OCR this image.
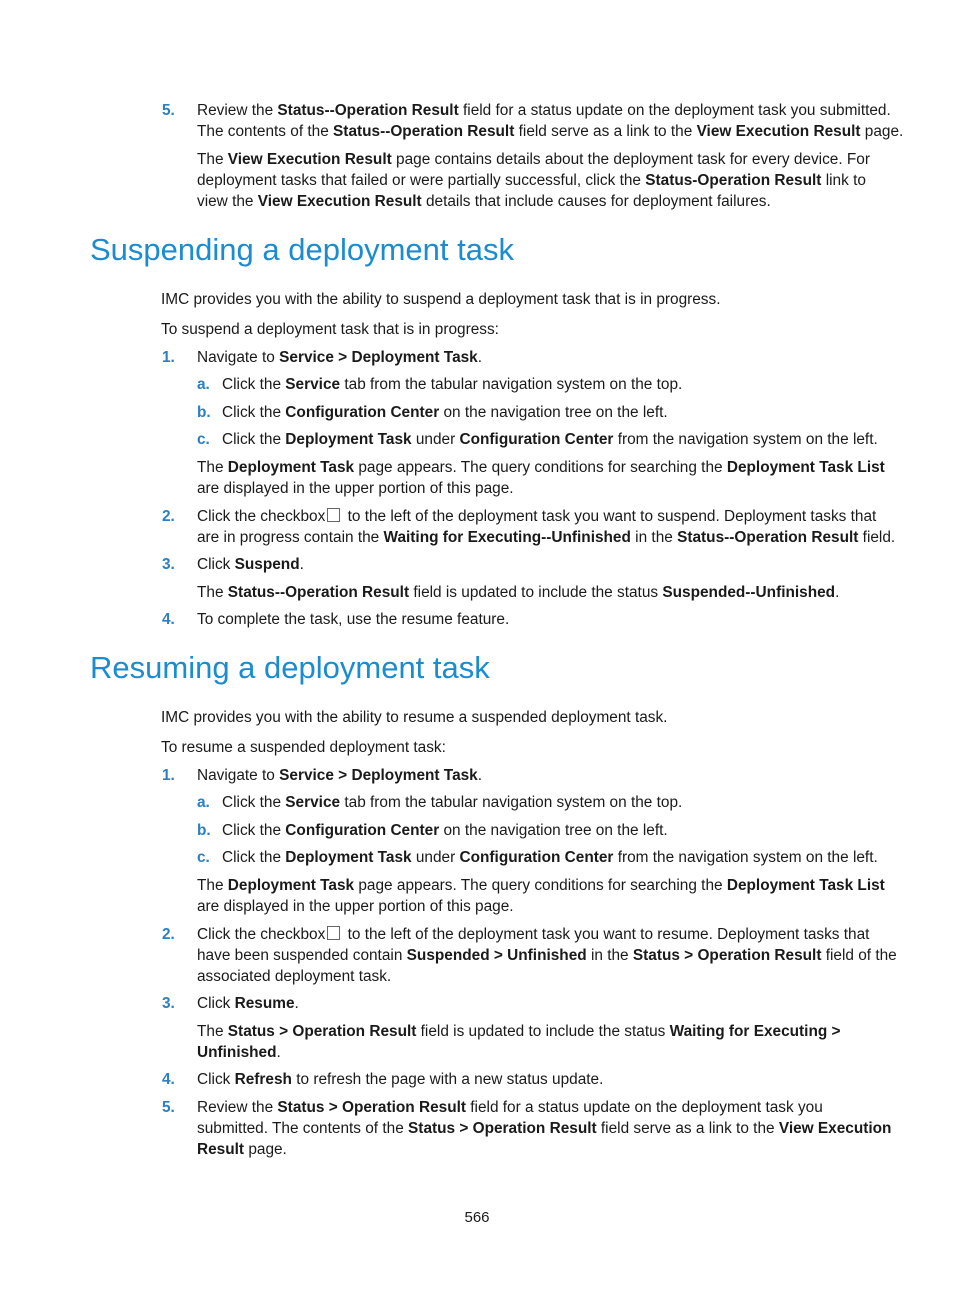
5. Review the Status--Operation Result field for a status update on the deployment task you submitted.

The contents of the Status--Operation Result field serve as a link to the View Execution Result page.

The View Execution Result page contains details about the deployment task for every device. For

deployment tasks that failed or were partially successful, click the Status-Operation Result link to

view the View Execution Result details that include causes for deployment failures.

Suspending a deployment task

IMC provides you with the ability to suspend a deployment task that is in progress.

To suspend a deployment task that is in progress:

1. Navigate to Service > Deployment Task.

a. Click the Service tab from the tabular navigation system on the top.

b. Click the Configuration Center on the navigation tree on the left.

c. Click the Deployment Task under Configuration Center from the navigation system on the left.

The Deployment Task page appears. The query conditions for searching the Deployment Task List

are displayed in the upper portion of this page.

2. Click the checkbox to the left of the deployment task you want to suspend. Deployment tasks that

are in progress contain the Waiting for Executing--Unfinished in the Status--Operation Result field.

3. Click Suspend.

The Status--Operation Result field is updated to include the status Suspended--Unfinished.

4. To complete the task, use the resume feature.

Resuming a deployment task

IMC provides you with the ability to resume a suspended deployment task.

To resume a suspended deployment task:

1. Navigate to Service > Deployment Task.

a. Click the Service tab from the tabular navigation system on the top.

b. Click the Configuration Center on the navigation tree on the left.

c. Click the Deployment Task under Configuration Center from the navigation system on the left.

The Deployment Task page appears. The query conditions for searching the Deployment Task List

are displayed in the upper portion of this page.

2. Click the checkbox to the left of the deployment task you want to resume. Deployment tasks that

have been suspended contain Suspended > Unfinished in the Status > Operation Result field of the

associated deployment task.

3. Click Resume.

The Status > Operation Result field is updated to include the status Waiting for Executing >

Unfinished.

4. Click Refresh to refresh the page with a new status update.

5. Review the Status > Operation Result field for a status update on the deployment task you

submitted. The contents of the Status > Operation Result field serve as a link to the View Execution

Result page.

566
